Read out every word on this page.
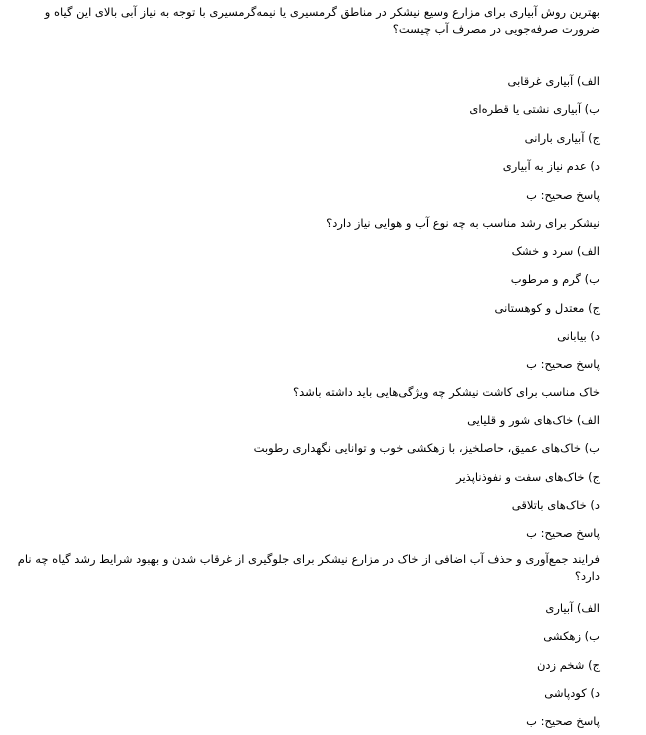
بهترین روش آبیاری برای مزارع وسیع نیشکر در مناطق گرمسیری یا نیمه‌گرمسیری با توجه به نیاز آبی بالای این گیاه و ضرورت صرفه‌جویی در مصرف آب چیست؟
الف) آبیاری غرقابی
ب) آبیاری نشتی یا قطره‌ای
ج) آبیاری بارانی
د) عدم نیاز به آبیاری
پاسخ صحیح: ب
نیشکر برای رشد مناسب به چه نوع آب و هوایی نیاز دارد؟
الف) سرد و خشک
ب) گرم و مرطوب
ج) معتدل و کوهستانی
د) بیابانی
پاسخ صحیح: ب
خاک مناسب برای کاشت نیشکر چه ویژگی‌هایی باید داشته باشد؟
الف) خاک‌های شور و قلیایی
ب) خاک‌های عمیق، حاصلخیز، با زهکشی خوب و توانایی نگهداری رطوبت
ج) خاک‌های سفت و نفوذناپذیر
د) خاک‌های باتلاقی
پاسخ صحیح: ب
فرایند جمع‌آوری و حذف آب اضافی از خاک در مزارع نیشکر برای جلوگیری از غرقاب شدن و بهبود شرایط رشد گیاه چه نام دارد؟
الف) آبیاری
ب) زهکشی
ج) شخم زدن
د) کودپاشی
پاسخ صحیح: ب
